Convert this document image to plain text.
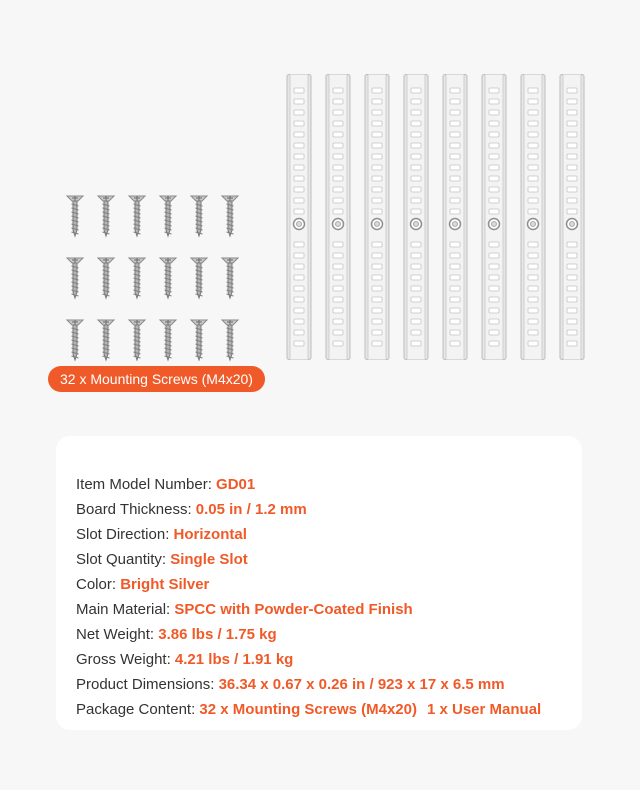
32 x Mounting Screws (M4x20)
Item Model Number: GD01
Board Thickness: 0.05 in / 1.2 mm
Slot Direction: Horizontal
Slot Quantity: Single Slot
Color: Bright Silver
Main Material: SPCC with Powder-Coated Finish
Net Weight: 3.86 lbs / 1.75 kg
Gross Weight: 4.21 lbs / 1.91 kg
Product Dimensions: 36.34 x 0.67 x 0.26 in / 923 x 17 x 6.5 mm
Package Content: 32 x Mounting Screws (M4x20) 1 x User Manual
